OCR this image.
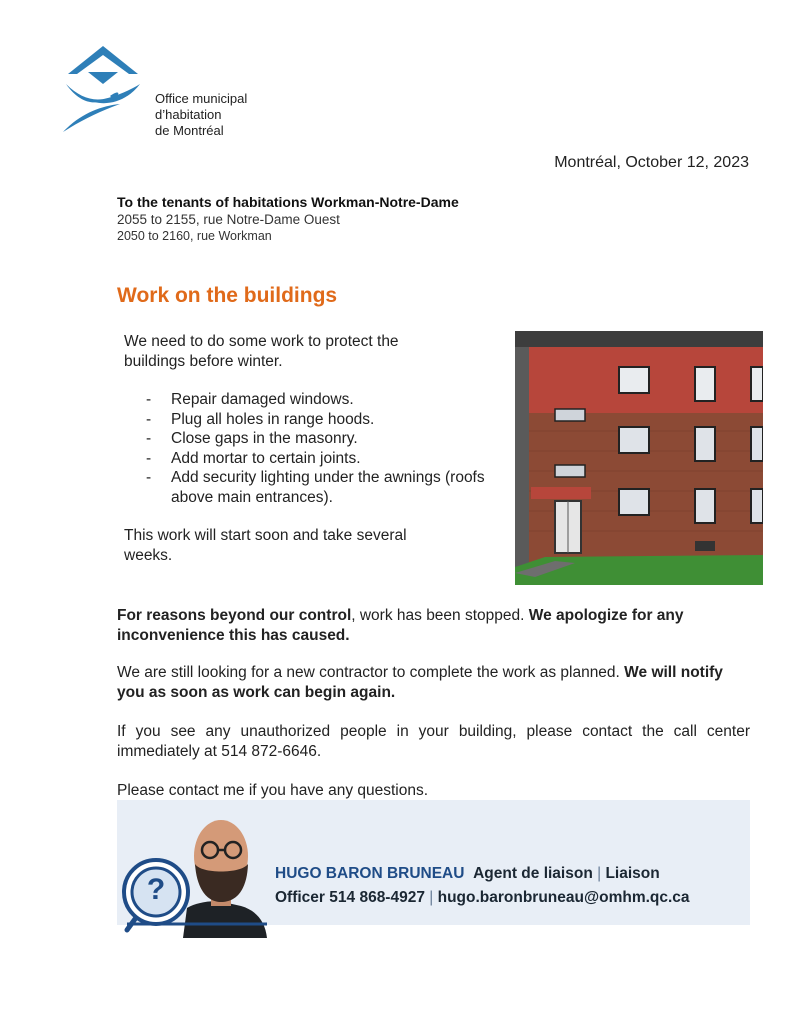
Office municipal
d’habitation
de Montréal
Montréal, October 12, 2023
To the tenants of habitations Workman-Notre-Dame
2055 to 2155, rue Notre-Dame Ouest
2050 to 2160, rue Workman
Work on the buildings
We need to do some work to protect the buildings before winter.
-	Repair damaged windows.
-	Plug all holes in range hoods.
-	Close gaps in the masonry.
-	Add mortar to certain joints.
-	Add security lighting under the awnings (roofs above main entrances).
This work will start soon and take several weeks.
For reasons beyond our control, work has been stopped. We apologize for any inconvenience this has caused.
We are still looking for a new contractor to complete the work as planned. We will notify you as soon as work can begin again.
If you see any unauthorized people in your building, please contact the call center immediately at 514 872-6646.
Please contact me if you have any questions.
?	HUGO BARON BRUNEAU Agent de liaison | Liaison
Officer 514 868-4927 | hugo.baronbruneau@omhm.qc.ca
